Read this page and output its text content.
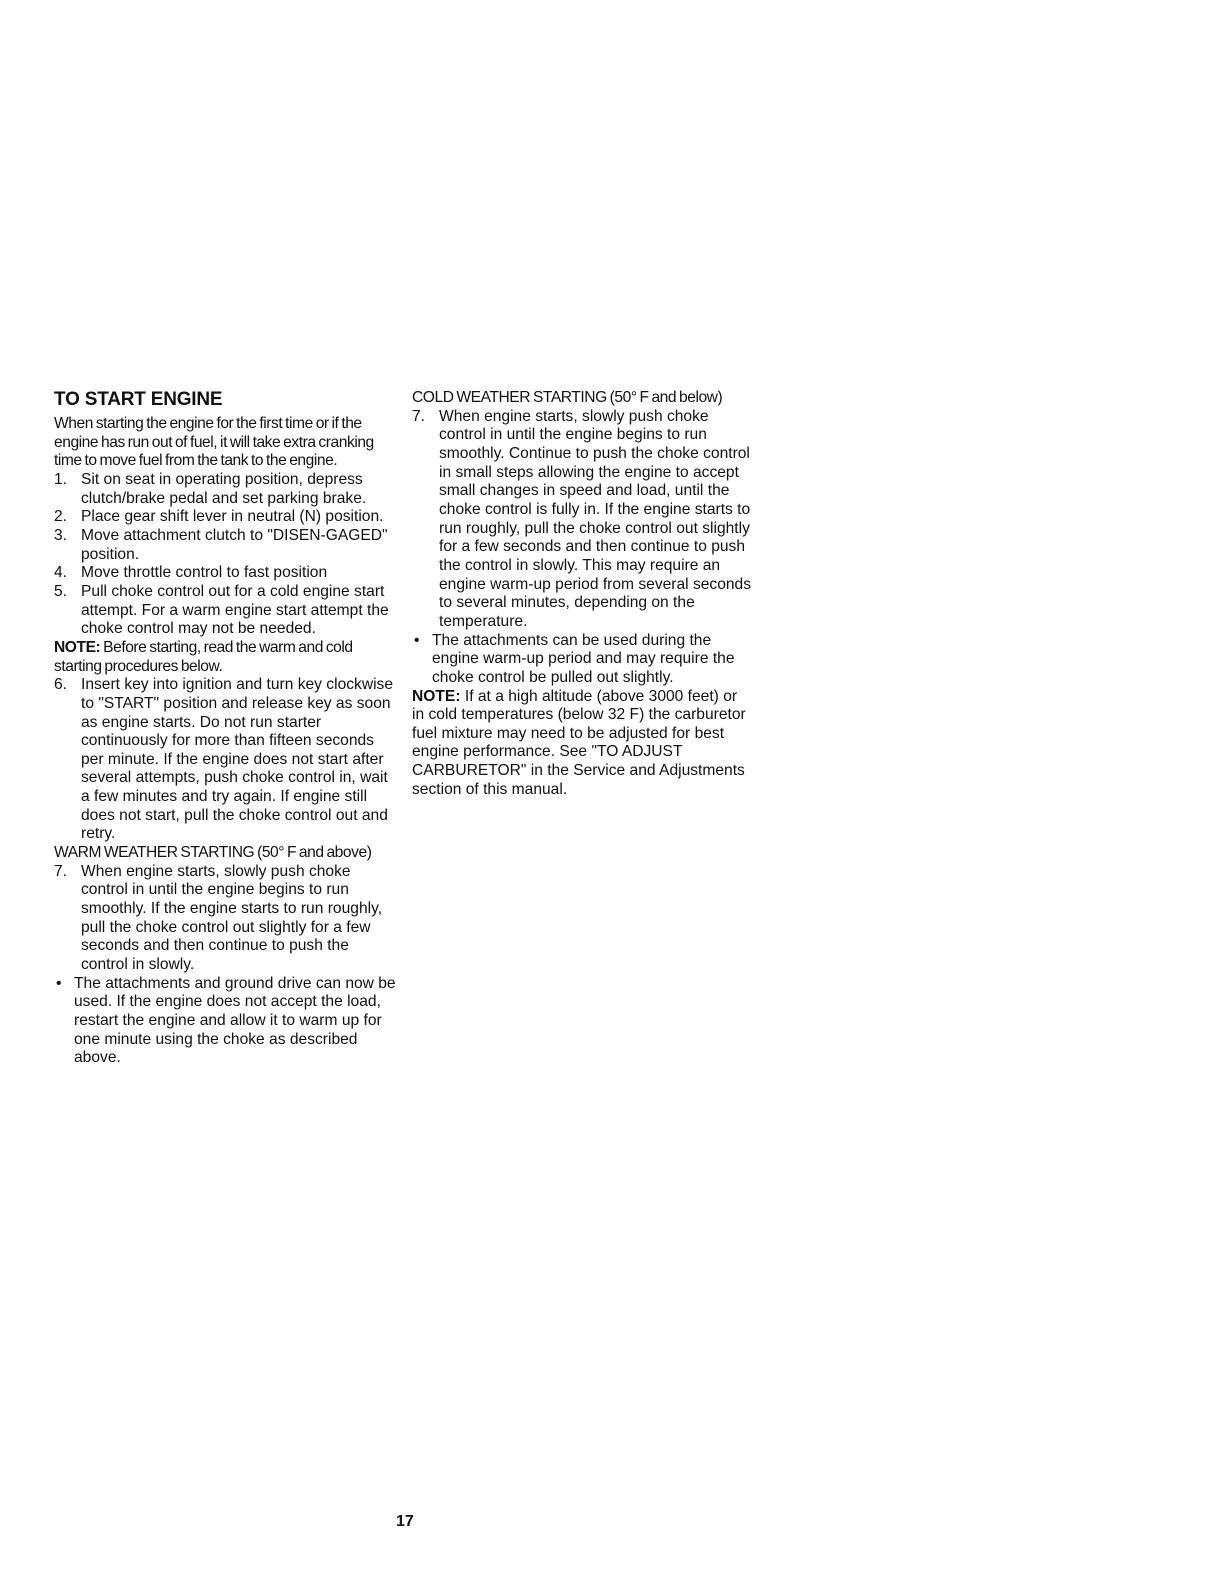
TO START ENGINE

When starting the engine for the first time or if the engine has run out of fuel, it will take extra cranking time to move fuel from the tank to the engine.

1. Sit on seat in operating position, depress clutch/brake pedal and set parking brake.
2. Place gear shift lever in neutral (N) position.
3. Move attachment clutch to "DISEN-GAGED" position.
4. Move throttle control to fast position
5. Pull choke control out for a cold engine start attempt. For a warm engine start attempt the choke control may not be needed.

NOTE: Before starting, read the warm and cold starting procedures below.

6. Insert key into ignition and turn key clockwise to "START" position and release key as soon as engine starts. Do not run starter continuously for more than fifteen seconds per minute. If the engine does not start after several attempts, push choke control in, wait a few minutes and try again. If engine still does not start, pull the choke control out and retry.

WARM WEATHER STARTING (50° F and above)

7. When engine starts, slowly push choke control in until the engine begins to run smoothly. If the engine starts to run roughly, pull the choke control out slightly for a few seconds and then continue to push the control in slowly.
• The attachments and ground drive can now be used. If the engine does not accept the load, restart the engine and allow it to warm up for one minute using the choke as described above.

COLD WEATHER STARTING (50° F and below)

7. When engine starts, slowly push choke control in until the engine begins to run smoothly. Continue to push the choke control in small steps allowing the engine to accept small changes in speed and load, until the choke control is fully in. If the engine starts to run roughly, pull the choke control out slightly for a few seconds and then continue to push the control in slowly. This may require an engine warm-up period from several seconds to several minutes, depending on the temperature.
• The attachments can be used during the engine warm-up period and may require the choke control be pulled out slightly.

NOTE: If at a high altitude (above 3000 feet) or in cold temperatures (below 32 F) the carburetor fuel mixture may need to be adjusted for best engine performance. See "TO ADJUST CARBURETOR" in the Service and Adjustments section of this manual.

17
